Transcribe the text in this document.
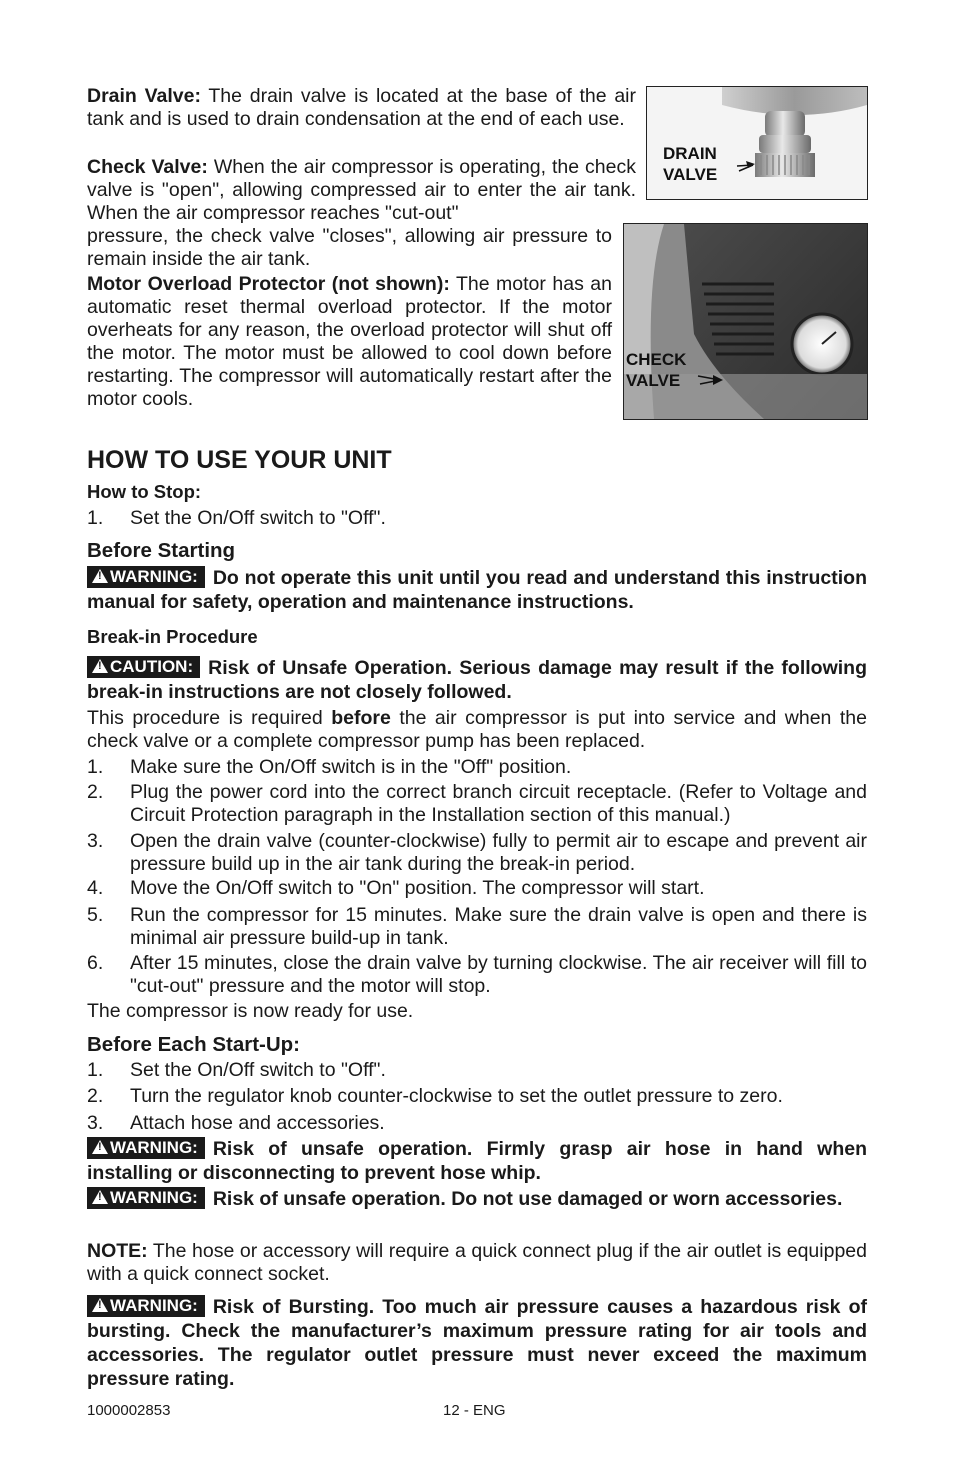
Drain Valve: The drain valve is located at the base of the air tank and is used to drain condensation at the end of each use.
Check Valve: When the air compressor is operating, the check valve is "open", allowing compressed air to enter the air tank. When the air compressor reaches "cut-out"
pressure, the check valve "closes", allowing air pressure to remain inside the air tank.
Motor Overload Protector (not shown): The motor has an automatic reset thermal overload protector. If the motor overheats for any reason, the overload protector will shut off the motor. The motor must be allowed to cool down before restarting. The compressor will automatically restart after the motor cools.
DRAIN
VALVE
CHECK
VALVE
HOW TO USE YOUR UNIT
How to Stop:
1. Set the On/Off switch to "Off".
Before Starting
!WARNING: Do not operate this unit until you read and understand this instruction manual for safety, operation and maintenance instructions.
Break-in Procedure
!CAUTION: Risk of Unsafe Operation. Serious damage may result if the following break-in instructions are not closely followed.
This procedure is required before the air compressor is put into service and when the check valve or a complete compressor pump has been replaced.
1. Make sure the On/Off switch is in the "Off" position.
2. Plug the power cord into the correct branch circuit receptacle. (Refer to Voltage and Circuit Protection paragraph in the Installation section of this manual.)
3. Open the drain valve (counter-clockwise) fully to permit air to escape and prevent air pressure build up in the air tank during the break-in period.
4. Move the On/Off switch to "On" position. The compressor will start.
5. Run the compressor for 15 minutes. Make sure the drain valve is open and there is minimal air pressure build-up in tank.
6. After 15 minutes, close the drain valve by turning clockwise. The air receiver will fill to "cut-out" pressure and the motor will stop.
The compressor is now ready for use.
Before Each Start-Up:
1. Set the On/Off switch to "Off".
2. Turn the regulator knob counter-clockwise to set the outlet pressure to zero.
3. Attach hose and accessories.
!WARNING: Risk of unsafe operation. Firmly grasp air hose in hand when installing or disconnecting to prevent hose whip.
!WARNING: Risk of unsafe operation. Do not use damaged or worn accessories.
NOTE: The hose or accessory will require a quick connect plug if the air outlet is equipped with a quick connect socket.
!WARNING: Risk of Bursting. Too much air pressure causes a hazardous risk of bursting. Check the manufacturer’s maximum pressure rating for air tools and accessories. The regulator outlet pressure must never exceed the maximum pressure rating.
1000002853	12 - ENG
